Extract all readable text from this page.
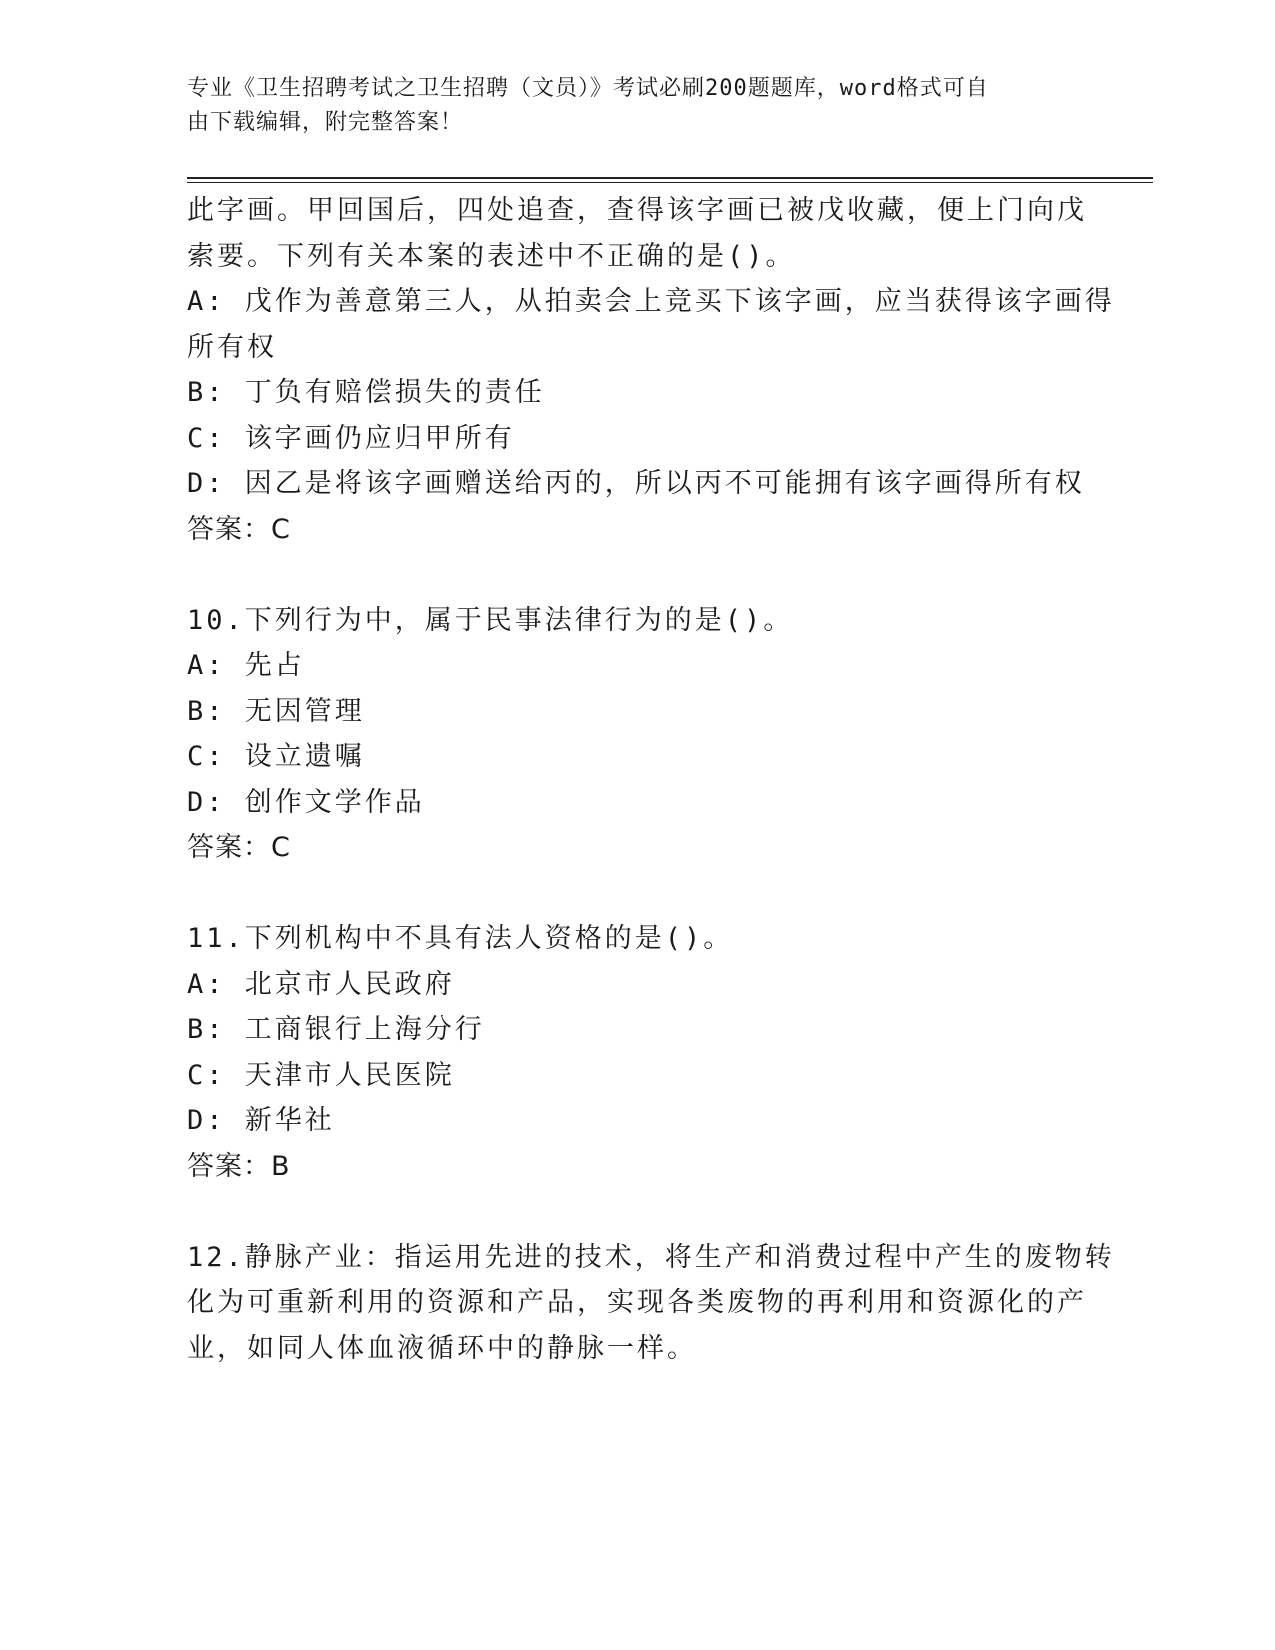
专业《卫生招聘考试之卫生招聘（文员）》考试必刷200题题库，word格式可自
由下载编辑，附完整答案！
此字画。甲回国后，四处追查，查得该字画已被戊收藏，便上门向戊
索要。下列有关本案的表述中不正确的是()。
A: 戊作为善意第三人，从拍卖会上竞买下该字画，应当获得该字画得
所有权
B: 丁负有赔偿损失的责任
C: 该字画仍应归甲所有
D: 因乙是将该字画赠送给丙的，所以丙不可能拥有该字画得所有权
答案：C
10.下列行为中，属于民事法律行为的是()。
A: 先占
B: 无因管理
C: 设立遗嘱
D: 创作文学作品
答案：C
11.下列机构中不具有法人资格的是()。
A: 北京市人民政府
B: 工商银行上海分行
C: 天津市人民医院
D: 新华社
答案：B
12.静脉产业：指运用先进的技术，将生产和消费过程中产生的废物转
化为可重新利用的资源和产品，实现各类废物的再利用和资源化的产
业，如同人体血液循环中的静脉一样。
